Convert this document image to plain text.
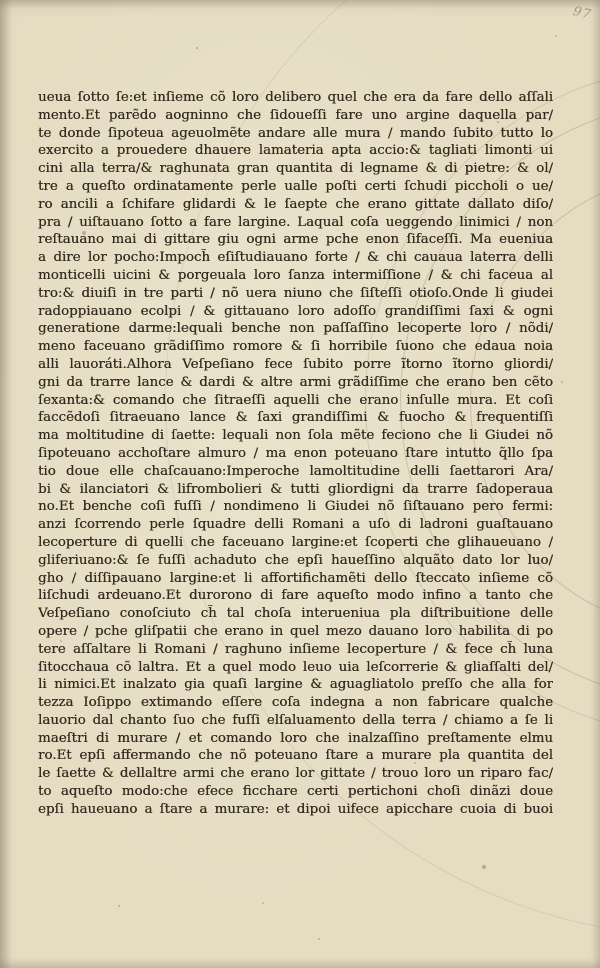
97
ueua ſotto ſe:et inſieme cõ loro delibero quel che era da fare dello aſſali
mento.Et parẽdo aogninno che ſidoueſſi fare uno argine daquella par/
te donde ſipoteua ageuolmẽte andare alle mura / mando ſubito tutto lo
exercito a prouedere dhauere lamateria apta accio:& tagliati limonti ui
cini alla terra/& raghunata gran quantita di legname & di pietre: & ol/
tre a queſto ordinatamente perle ualle poſti certi ſchudi piccholi o ue/
ro ancili a ſchifare glidardi & le ſaepte che erano gittate dallato diſo/
pra / uiſtauano ſotto a fare largine. Laqual coſa ueggendo linimici / non
reſtauano mai di gittare giu ogni arme pche enon ſifaceſſi. Ma eueniua
a dire lor pocho:Impoch̃ eſiſtudiauano forte / & chi cauaua laterra delli
monticelli uicini & porgeuala loro ſanza intermiſſione / & chi faceua al
tro:& diuiſi in tre parti / nõ uera niuno che ſiſteſſi otioſo.Onde li giudei
radoppiauano ecolpi / & gittauano loro adoſſo grandiſſimi ſaxi & ogni
generatione darme:lequali benche non paſſaſſino lecoperte loro / nõdi/
meno faceuano grãdiſſimo romore & ſi horribile ſuono che edaua noia
alli lauoráti.Alhora Veſpeſiano fece ſubito porre ĩtorno ĩtorno gliordi/
gni da trarre lance & dardi & altre armi grãdiſſime che erano ben cẽto
ſexanta:& comando che ſitraeſſi aquelli che erano inſulle mura. Et coſi
faccẽdoſi ſitraeuano lance & ſaxi grandiſſimi & fuocho & frequentiſſi
ma moltitudine di ſaette: lequali non ſola mẽte feciono che li Giudei nõ
ſipoteuano acchoſtare almuro / ma enon poteuano ſtare intutto q̃llo ſpa
tio doue elle chaſcauano:Imperoche lamoltitudine delli ſaettarori Ara/
bi & ilanciatori & lifrombolieri & tutti gliordigni da trarre ſadoperaua
no.Et benche coſi fuſſi / nondimeno li Giudei nõ ſiſtauano pero fermi:
anzi ſcorrendo perle ſquadre delli Romani a uſo di ladroni guaſtauano
lecoperture di quelli che faceuano largine:et ſcoperti che glihaueuano /
gliferiuano:& ſe fuſſi achaduto che epſi haueſſino alquãto dato lor luo/
gho / diſſipauano largine:et li affortifichamẽti dello ſteccato inſieme cõ
liſchudi ardeuano.Et durorono di fare aqueſto modo infino a tanto che
Veſpeſiano conoſciuto ch̃ tal choſa interueniua pla diſtribuitione delle
opere / pche gliſpatii che erano in quel mezo dauano loro habilita di po
tere aſſaltare li Romani / raghuno inſieme lecoperture / & fece ch̃ luna
ſitocchaua cõ laltra. Et a quel modo leuo uia leſcorrerie & gliaſſalti del/
li nimici.Et inalzato gia quaſi largine & aguagliatolo preſſo che alla for
tezza Ioſippo extimando eſſere coſa indegna a non fabricare qualche
lauorio dal chanto ſuo che fuſſi elſaluamento della terra / chiamo a ſe li
maeſtri di murare / et comando loro che inalzaſſino preſtamente elmu
ro.Et epſi affermando che nõ poteuano ſtare a murare pla quantita del
le ſaette & dellaltre armi che erano lor gittate / trouo loro un riparo fac/
to aqueſto modo:che efece ficchare certi pertichoni choſi dinãzi doue
epſi haueuano a ſtare a murare: et dipoi uifece apicchare cuoia di buoi
